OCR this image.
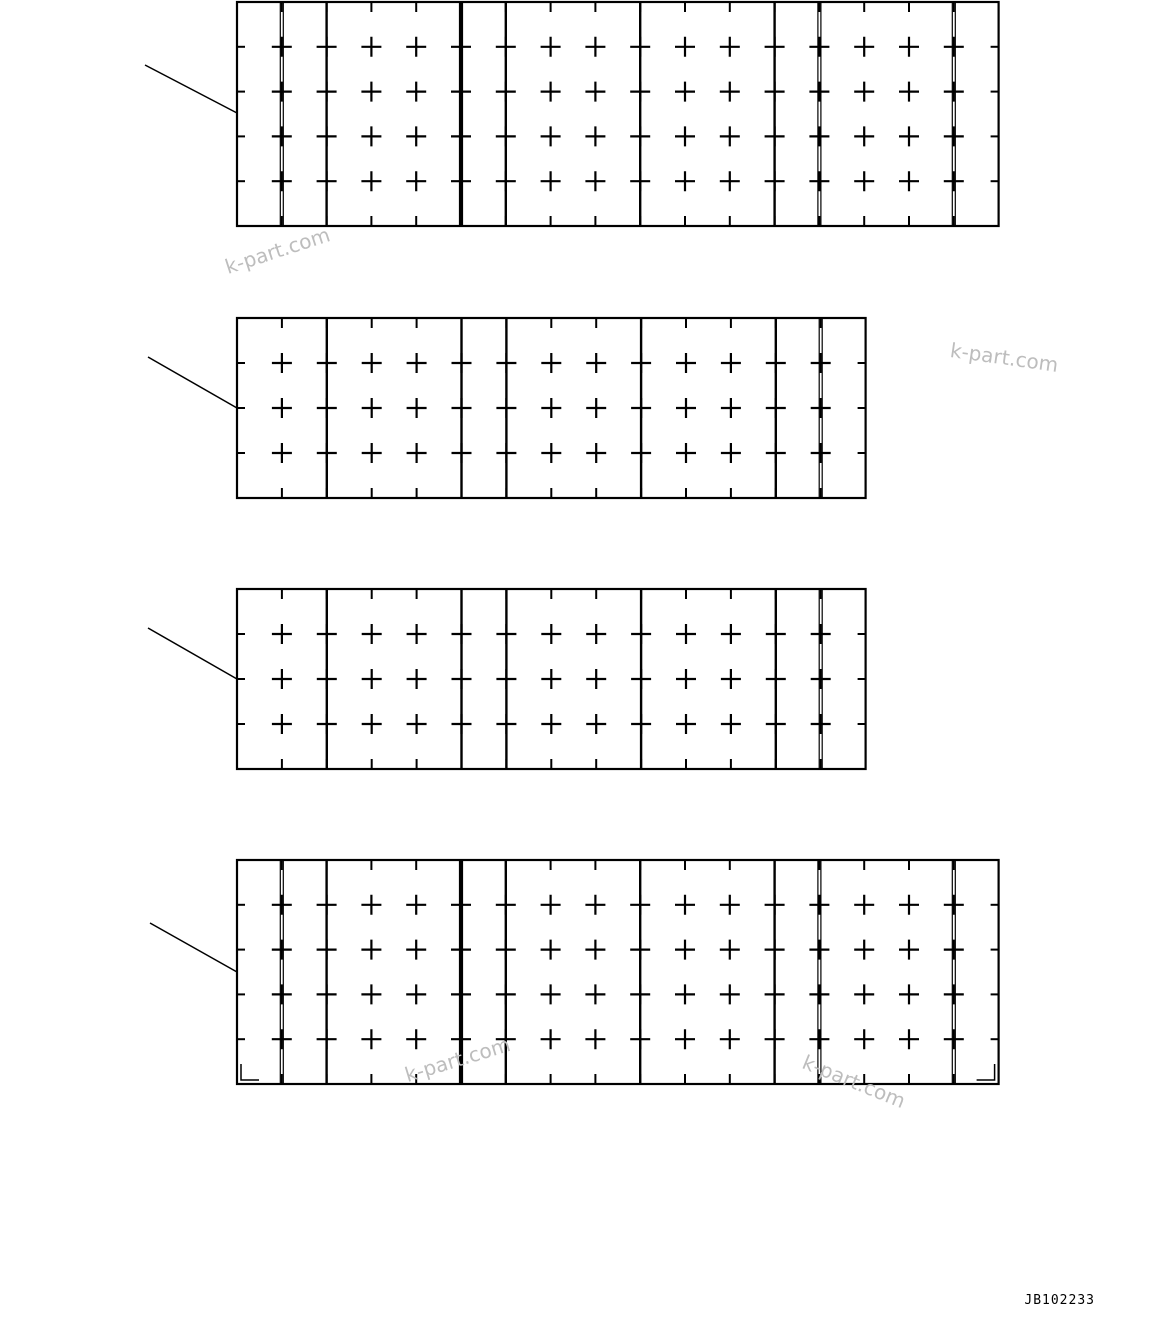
k-part.com
k-part.com
k-part.com	k-part.com
JB102233
